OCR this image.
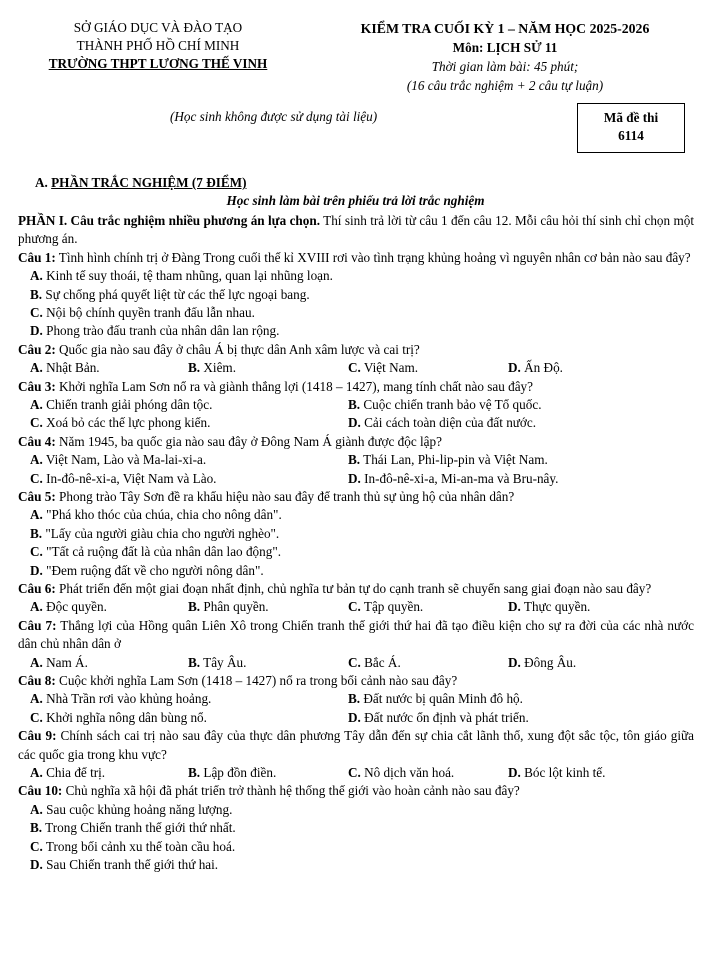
SỞ GIÁO DỤC VÀ ĐÀO TẠO
THÀNH PHỐ HỒ CHÍ MINH
TRƯỜNG THPT LƯƠNG THẾ VINH
KIỂM TRA CUỐI KỲ 1 – NĂM HỌC 2025-2026
Môn: LỊCH SỬ 11
Thời gian làm bài: 45 phút;
(16 câu trắc nghiệm + 2 câu tự luận)
(Học sinh không được sử dụng tài liệu)	Mã đề thi
6114
A. PHẦN TRẮC NGHIỆM (7 ĐIỂM)
Học sinh làm bài trên phiếu trả lời trắc nghiệm

PHẦN I. Câu trắc nghiệm nhiều phương án lựa chọn. Thí sinh trả lời từ câu 1 đến câu 12. Mỗi câu hỏi thí sinh chỉ chọn một phương án.

Câu 1: Tình hình chính trị ở Đàng Trong cuối thế kỉ XVIII rơi vào tình trạng khủng hoảng vì nguyên nhân cơ bản nào sau đây?

A. Kinh tế suy thoái, tệ tham nhũng, quan lại nhũng loạn.
B. Sự chống phá quyết liệt từ các thế lực ngoại bang.
C. Nội bộ chính quyền tranh đấu lẫn nhau.
D. Phong trào đấu tranh của nhân dân lan rộng.

Câu 2: Quốc gia nào sau đây ở châu Á bị thực dân Anh xâm lược và cai trị?

A. Nhật Bản.	B. Xiêm.	C. Việt Nam.	D. Ấn Độ.

Câu 3: Khởi nghĩa Lam Sơn nổ ra và giành thắng lợi (1418 – 1427), mang tính chất nào sau đây?

A. Chiến tranh giải phóng dân tộc.	B. Cuộc chiến tranh bảo vệ Tổ quốc.
C. Xoá bỏ các thế lực phong kiến.	D. Cải cách toàn diện của đất nước.

Câu 4: Năm 1945, ba quốc gia nào sau đây ở Đông Nam Á giành được độc lập?

A. Việt Nam, Lào và Ma-lai-xi-a.	B. Thái Lan, Phi-lip-pin và Việt Nam.
C. In-đô-nê-xi-a, Việt Nam và Lào.	D. In-đô-nê-xi-a, Mi-an-ma và Bru-nây.

Câu 5: Phong trào Tây Sơn đề ra khẩu hiệu nào sau đây để tranh thủ sự ủng hộ của nhân dân?

A. "Phá kho thóc của chúa, chia cho nông dân".
B. "Lấy của người giàu chia cho người nghèo".
C. "Tất cả ruộng đất là của nhân dân lao động".
D. "Đem ruộng đất về cho người nông dân".

Câu 6: Phát triển đến một giai đoạn nhất định, chủ nghĩa tư bản tự do cạnh tranh sẽ chuyển sang giai đoạn nào sau đây?

A. Độc quyền.	B. Phân quyền.	C. Tập quyền.	D. Thực quyền.

Câu 7: Thắng lợi của Hồng quân Liên Xô trong Chiến tranh thế giới thứ hai đã tạo điều kiện cho sự ra đời của các nhà nước dân chủ nhân dân ở

A. Nam Á.	B. Tây Âu.	C. Bắc Á.	D. Đông Âu.

Câu 8: Cuộc khởi nghĩa Lam Sơn (1418 – 1427) nổ ra trong bối cảnh nào sau đây?

A. Nhà Trần rơi vào khủng hoảng.	B. Đất nước bị quân Minh đô hộ.
C. Khởi nghĩa nông dân bùng nổ.	D. Đất nước ổn định và phát triển.

Câu 9: Chính sách cai trị nào sau đây của thực dân phương Tây dẫn đến sự chia cắt lãnh thổ, xung đột sắc tộc, tôn giáo giữa các quốc gia trong khu vực?

A. Chia để trị.	B. Lập đồn điền.	C. Nô dịch văn hoá.	D. Bóc lột kinh tế.

Câu 10: Chủ nghĩa xã hội đã phát triển trở thành hệ thống thế giới vào hoàn cảnh nào sau đây?

A. Sau cuộc khủng hoảng năng lượng.
B. Trong Chiến tranh thế giới thứ nhất.
C. Trong bối cảnh xu thế toàn cầu hoá.
D. Sau Chiến tranh thế giới thứ hai.
